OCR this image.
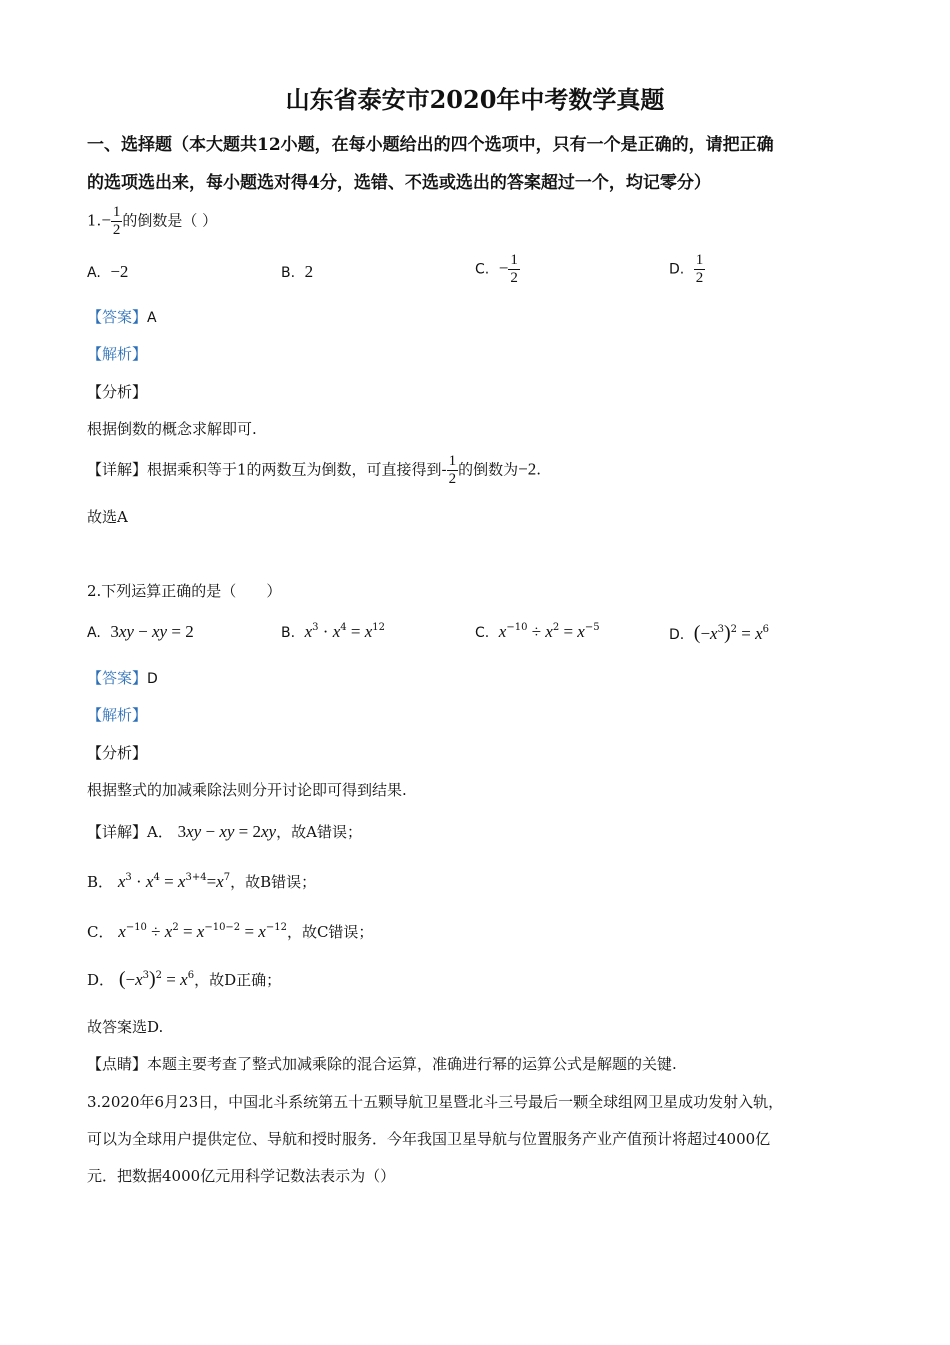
山东省泰安市2020年中考数学真题
一、选择题（本大题共12小题，在每小题给出的四个选项中，只有一个是正确的，请把正确
的选项选出来，每小题选对得4分，选错、不选或选出的答案超过一个，均记零分）
$1.- \frac{1}{2}$ 的倒数是（ ）
A. −2	B. 2	C. − $\frac{1}{2}$	D. $\frac{1}{2}$
【答案】A
【解析】
【分析】
根据倒数的概念求解即可.
【详解】根据乘积等于1的两数互为倒数，可直接得到- $\frac{1}{2}$ 的倒数为−2.
故选A
2.下列运算正确的是（　　）
A. 3xy − xy = 2	B. $x^3 \cdot x^4 = x^{12}$	C. $x^{-10} \div x^2 = x^{-5}$	D. $(-x^3)^2 = x^6$
【答案】D
【解析】
【分析】
根据整式的加减乘除法则分开讨论即可得到结果.
【详解】A． 3xy − xy = 2xy，故A错误；
B． $x^3 \cdot x^4 = x^{3+4}=x^7$，故B错误；
C． $x^{-10} \div x^2 = x^{-10-2} = x^{-12}$，故C错误；
D． $(-x^3)^2 = x^6$，故D正确；
故答案选D.
【点睛】本题主要考查了整式加减乘除的混合运算，准确进行幂的运算公式是解题的关键.
3.2020年6月23日，中国北斗系统第五十五颗导航卫星暨北斗三号最后一颗全球组网卫星成功发射入轨，
可以为全球用户提供定位、导航和授时服务．今年我国卫星导航与位置服务产业产值预计将超过4000亿
元．把数据4000亿元用科学记数法表示为（）
